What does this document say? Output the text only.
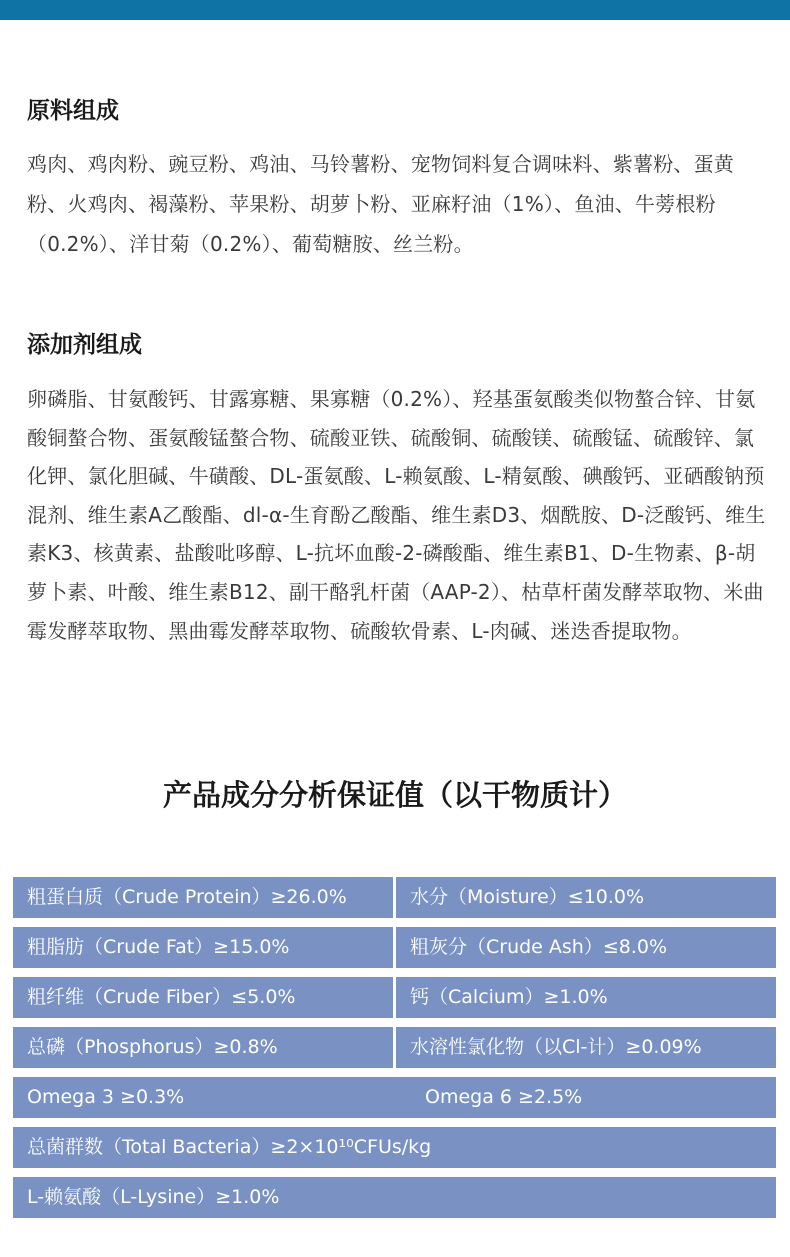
原料组成

鸡肉、鸡肉粉、豌豆粉、鸡油、马铃薯粉、宠物饲料复合调味料、紫薯粉、蛋黄粉、火鸡肉、褐藻粉、苹果粉、胡萝卜粉、亚麻籽油（1%）、鱼油、牛蒡根粉（0.2%）、洋甘菊（0.2%）、葡萄糖胺、丝兰粉。

添加剂组成

卵磷脂、甘氨酸钙、甘露寡糖、果寡糖（0.2%）、羟基蛋氨酸类似物螯合锌、甘氨酸铜螯合物、蛋氨酸锰螯合物、硫酸亚铁、硫酸铜、硫酸镁、硫酸锰、硫酸锌、氯化钾、氯化胆碱、牛磺酸、DL-蛋氨酸、L-赖氨酸、L-精氨酸、碘酸钙、亚硒酸钠预混剂、维生素A乙酸酯、dl-α-生育酚乙酸酯、维生素D3、烟酰胺、D-泛酸钙、维生素K3、核黄素、盐酸吡哆醇、L-抗坏血酸-2-磷酸酯、维生素B1、D-生物素、β-胡萝卜素、叶酸、维生素B12、副干酪乳杆菌（AAP-2）、枯草杆菌发酵萃取物、米曲霉发酵萃取物、黑曲霉发酵萃取物、硫酸软骨素、L-肉碱、迷迭香提取物。

产品成分分析保证值（以干物质计）
粗蛋白质（Crude Protein）≥26.0%	水分（Moisture）≤10.0%
粗脂肪（Crude Fat）≥15.0%	粗灰分（Crude Ash）≤8.0%
粗纤维（Crude Fiber）≤5.0%	钙（Calcium）≥1.0%
总磷（Phosphorus）≥0.8%	水溶性氯化物（以Cl-计）≥0.09%
Omega 3 ≥0.3%	Omega 6 ≥2.5%
总菌群数（Total Bacteria）≥2×10¹⁰CFUs/kg
L-赖氨酸（L-Lysine）≥1.0%
